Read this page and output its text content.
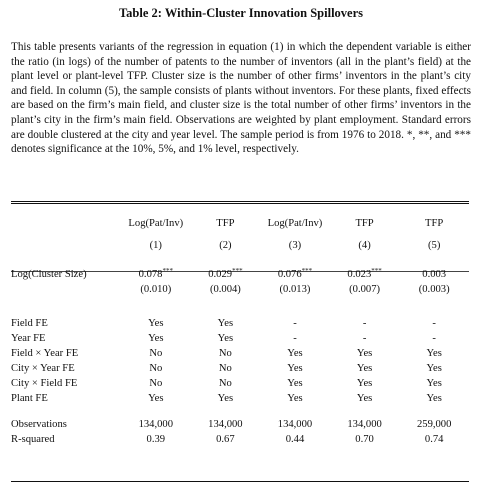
Table 2: Within-Cluster Innovation Spillovers

This table presents variants of the regression in equation (1) in which the dependent variable is either the ratio (in logs) of the number of patents to the number of inventors (all in the plant’s field) at the plant level or plant-level TFP. Cluster size is the number of other firms’ inventors in the plant’s city and field. In column (5), the sample consists of plants without inventors. For these plants, fixed effects are based on the firm’s main field, and cluster size is the total number of other firms’ inventors in the plant’s city in the firm’s main field. Observations are weighted by plant employment. Standard errors are double clustered at the city and year level. The sample period is from 1976 to 2018. *, **, and *** denotes significance at the 10%, 5%, and 1% level, respectively.

	Log(Pat/Inv)	TFP	Log(Pat/Inv)	TFP	TFP
	(1)	(2)	(3)	(4)	(5)

Log(Cluster Size)	0.078***	0.029***	0.076***	0.023***	0.003
	(0.010)	(0.004)	(0.013)	(0.007)	(0.003)

Field FE	Yes	Yes	-	-	-
Year FE	Yes	Yes	-	-	-
Field × Year FE	No	No	Yes	Yes	Yes
City × Year FE	No	No	Yes	Yes	Yes
City × Field FE	No	No	Yes	Yes	Yes
Plant FE	Yes	Yes	Yes	Yes	Yes

Observations	134,000	134,000	134,000	134,000	259,000
R-squared	0.39	0.67	0.44	0.70	0.74
